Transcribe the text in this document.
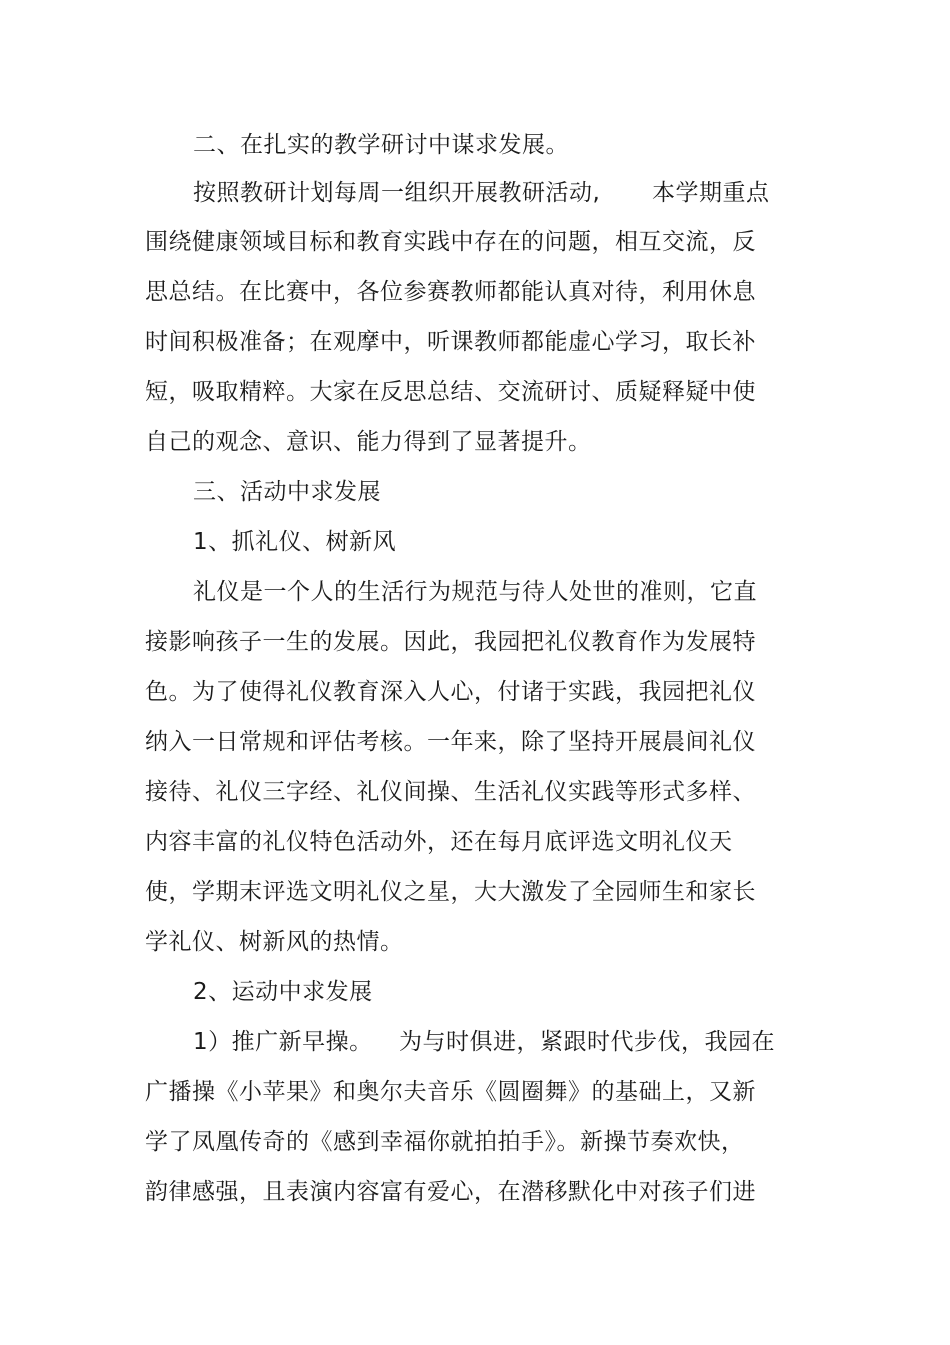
二、在扎实的教学研讨中谋求发展。
按照教研计划每周一组织开展教研活动, 本学期重点
围绕健康领域目标和教育实践中存在的问题，相互交流，反
思总结。在比赛中，各位参赛教师都能认真对待，利用休息
时间积极准备；在观摩中，听课教师都能虚心学习，取长补
短，吸取精粹。大家在反思总结、交流研讨、质疑释疑中使
自己的观念、意识、能力得到了显著提升。
三、活动中求发展
1、抓礼仪、树新风
礼仪是一个人的生活行为规范与待人处世的准则，它直
接影响孩子一生的发展。因此，我园把礼仪教育作为发展特
色。为了使得礼仪教育深入人心，付诸于实践，我园把礼仪
纳入一日常规和评估考核。一年来，除了坚持开展晨间礼仪
接待、礼仪三字经、礼仪间操、生活礼仪实践等形式多样、
内容丰富的礼仪特色活动外，还在每月底评选文明礼仪天
使，学期末评选文明礼仪之星，大大激发了全园师生和家长
学礼仪、树新风的热情。
2、运动中求发展
1）推广新早操。 为与时俱进，紧跟时代步伐，我园在
广播操《小苹果》和奥尔夫音乐《圆圈舞》的基础上，又新
学了凤凰传奇的《感到幸福你就拍拍手》。新操节奏欢快，
韵律感强，且表演内容富有爱心，在潜移默化中对孩子们进
